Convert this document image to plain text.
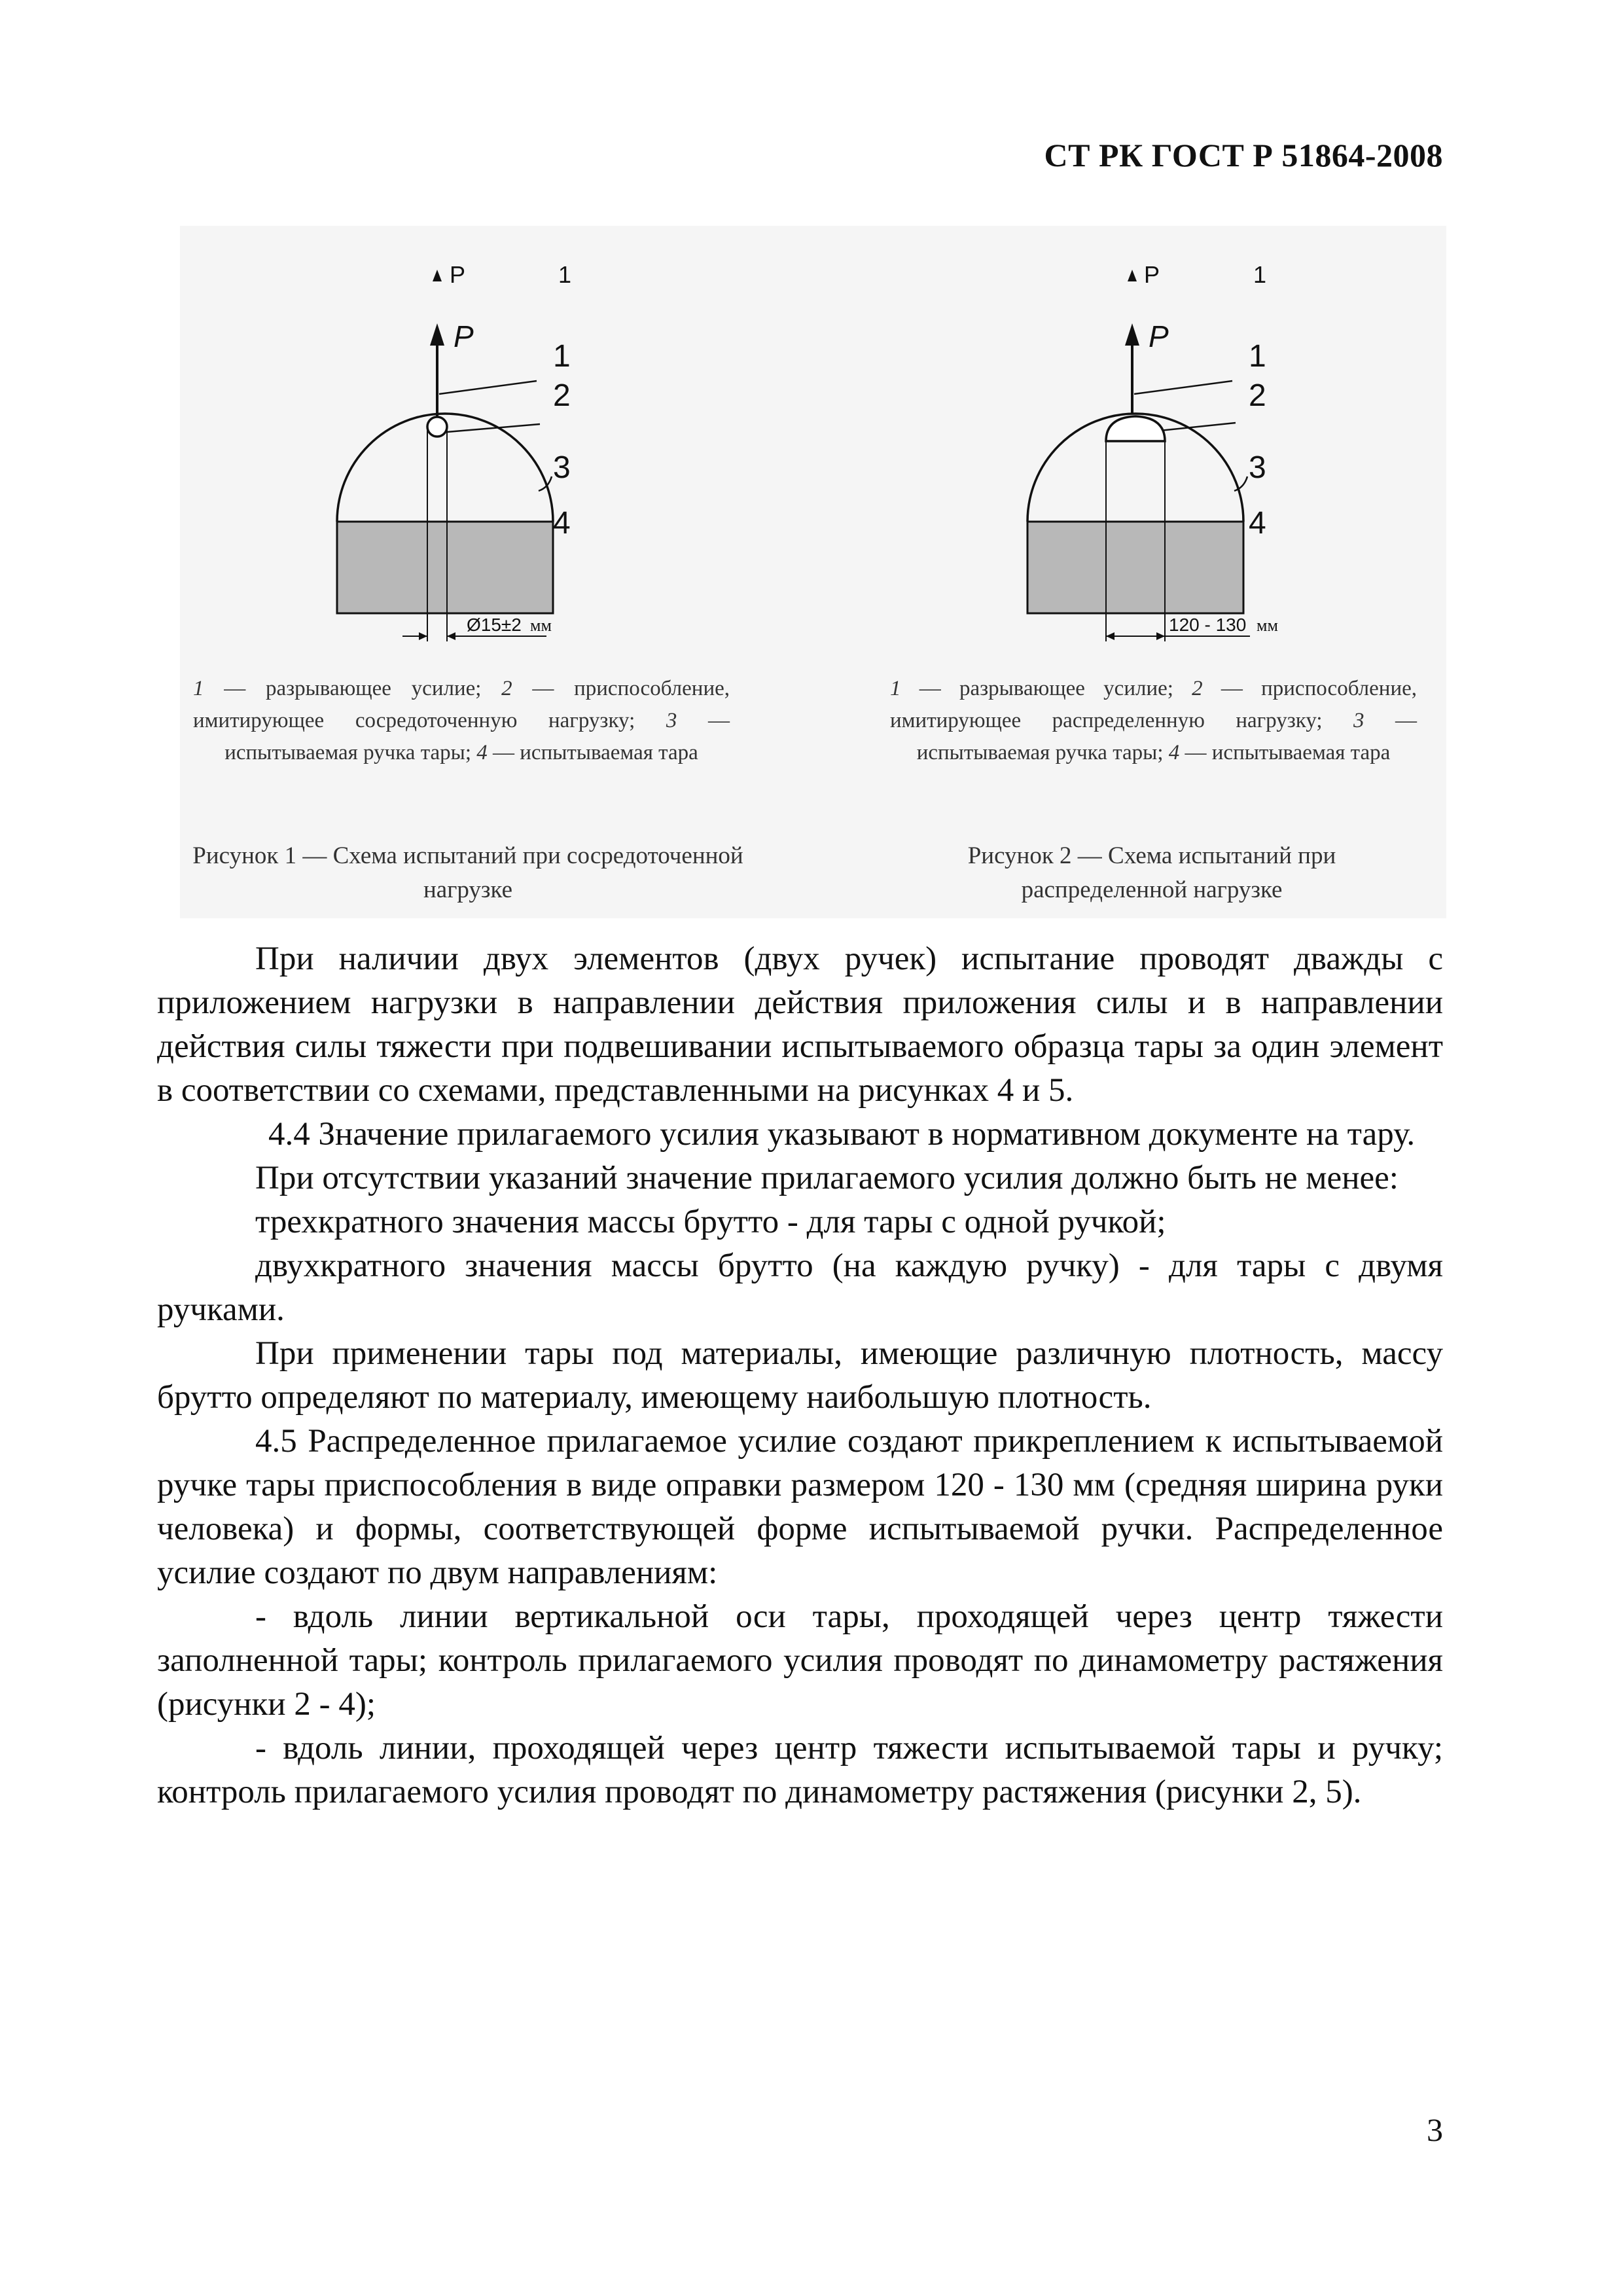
СТ РК ГОСТ Р 51864-2008
P	1
P
1
2
3
4
Ø15±2 мм
1 — разрывающее усилие; 2 — приспособление, имитирующее сосредоточенную нагрузку; 3 — испытываемая ручка тары; 4 — испытываемая тара
Рисунок 1 — Схема испытаний при сосредоточенной нагрузке
P	1
P
1
2
3
4
120 - 130 мм
1 — разрывающее усилие; 2 — приспособление, имитирующее распределенную нагрузку; 3 — испытываемая ручка тары; 4 — испытываемая тара
Рисунок 2 — Схема испытаний при распределенной нагрузке

При наличии двух элементов (двух ручек) испытание проводят дважды с приложением нагрузки в направлении действия приложения силы и в направлении действия силы тяжести при подвешивании испытываемого образца тары за один элемент в соответствии со схемами, представленными на рисунках 4 и 5.

4.4 Значение прилагаемого усилия указывают в нормативном документе на тару.

При отсутствии указаний значение прилагаемого усилия должно быть не менее:

трехкратного значения массы брутто - для тары с одной ручкой;

двухкратного значения массы брутто (на каждую ручку) - для тары с двумя ручками.

При применении тары под материалы, имеющие различную плотность, массу брутто определяют по материалу, имеющему наибольшую плотность.

4.5 Распределенное прилагаемое усилие создают прикреплением к испытываемой ручке тары приспособления в виде оправки размером 120 - 130 мм (средняя ширина руки человека) и формы, соответствующей форме испытываемой ручки. Распределенное усилие создают по двум направлениям:

- вдоль линии вертикальной оси тары, проходящей через центр тяжести заполненной тары; контроль прилагаемого усилия проводят по динамометру растяжения (рисунки 2 - 4);

- вдоль линии, проходящей через центр тяжести испытываемой тары и ручку; контроль прилагаемого усилия проводят по динамометру растяжения (рисунки 2, 5).

3
